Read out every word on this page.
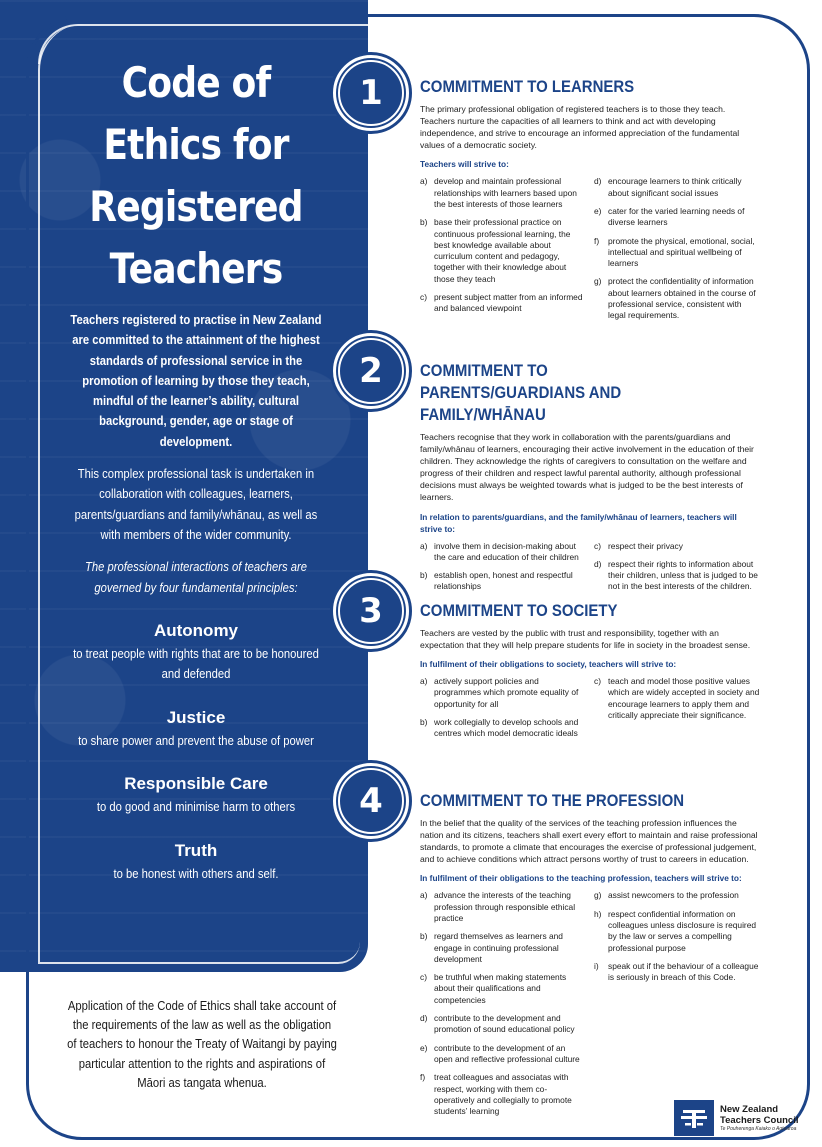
Code of
Ethics for
Registered
Teachers

Teachers registered to practise in New Zealand are committed to the attainment of the highest standards of professional service in the promotion of learning by those they teach, mindful of the learner’s ability, cultural background, gender, age or stage of development.

This complex professional task is undertaken in collaboration with colleagues, learners, parents/guardians and family/whānau, as well as with members of the wider community.

The professional interactions of teachers are governed by four fundamental principles:

Autonomy
to treat people with rights that are to be honoured and defended
Justice
to share power and prevent the abuse of power
Responsible Care
to do good and minimise harm to others
Truth
to be honest with others and self.

Application of the Code of Ethics shall take account of the requirements of the law as well as the obligation of teachers to honour the Treaty of Waitangi by paying particular attention to the rights and aspirations of Māori as tangata whenua.

1	COMMITMENT TO LEARNERS

The primary professional obligation of registered teachers is to those they teach. Teachers nurture the capacities of all learners to think and act with developing independence, and strive to encourage an informed appreciation of the fundamental values of a democratic society.

Teachers will strive to:
a) develop and maintain professional relationships with learners based upon the best interests of those learners
b) base their professional practice on continuous professional learning, the best knowledge available about curriculum content and pedagogy, together with their knowledge about those they teach
c) present subject matter from an informed and balanced viewpoint
d) encourage learners to think critically about significant social issues
e) cater for the varied learning needs of diverse learners
f)	promote the physical, emotional, social, intellectual and spiritual wellbeing of learners
g) protect the confidentiality of information about learners obtained in the course of professional service, consistent with legal requirements.
2	COMMITMENT TO PARENTS/GUARDIANS AND FAMILY/WHĀNAU

Teachers recognise that they work in collaboration with the parents/guardians and family/whānau of learners, encouraging their active involvement in the education of their children. They acknowledge the rights of caregivers to consultation on the welfare and progress of their children and respect lawful parental authority, although professional decisions must always be weighted towards what is judged to be the best interests of learners.

In relation to parents/guardians, and the family/whānau of learners, teachers will strive to:
a) involve them in decision-making about the care and education of their children
b) establish open, honest and respectful relationships
c) respect their privacy
d) respect their rights to information about their children, unless that is judged to be not in the best interests of the children.
3	COMMITMENT TO SOCIETY

Teachers are vested by the public with trust and responsibility, together with an expectation that they will help prepare students for life in society in the broadest sense.

In fulfilment of their obligations to society, teachers will strive to:
a) actively support policies and programmes which promote equality of opportunity for all
b) work collegially to develop schools and centres which model democratic ideals
c) teach and model those positive values which are widely accepted in society and encourage learners to apply them and critically appreciate their significance.
4	COMMITMENT TO THE PROFESSION

In the belief that the quality of the services of the teaching profession influences the nation and its citizens, teachers shall exert every effort to maintain and raise professional standards, to promote a climate that encourages the exercise of professional judgement, and to achieve conditions which attract persons worthy of trust to careers in education.

In fulfilment of their obligations to the teaching profession, teachers will strive to:
a) advance the interests of the teaching profession through responsible ethical practice
b) regard themselves as learners and engage in continuing professional development
c) be truthful when making statements about their qualifications and competencies
d) contribute to the development and promotion of sound educational policy
e) contribute to the development of an open and reflective professional culture
f)	treat colleagues and associatas with respect, working with them co-operatively and collegially to promote students’ learning
g) assist newcomers to the profession
h) respect confidential information on colleagues unless disclosure is required by the law or serves a compelling professional purpose
i)	speak out if the behaviour of a colleague is seriously in breach of this Code.
New Zealand
Teachers Council
Te Pouherenga Kaiako o Aotearoa
